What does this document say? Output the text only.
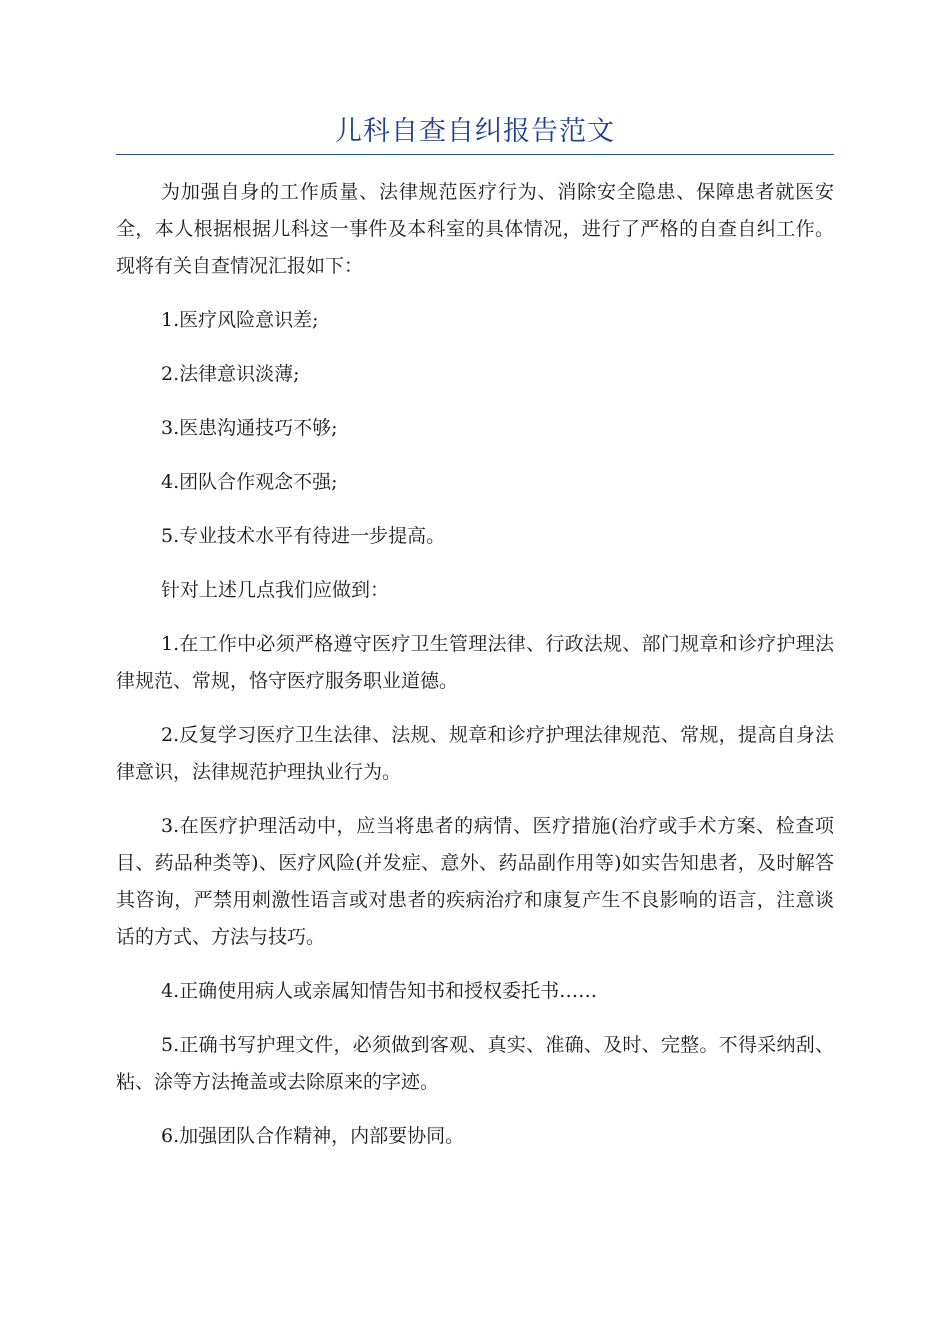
儿科自查自纠报告范文

为加强自身的工作质量、法律规范医疗行为、消除安全隐患、保障患者就医安全，本人根据根据儿科这一事件及本科室的具体情况，进行了严格的自查自纠工作。现将有关自查情况汇报如下：

1.医疗风险意识差;

2.法律意识淡薄;

3.医患沟通技巧不够;

4.团队合作观念不强;

5.专业技术水平有待进一步提高。

针对上述几点我们应做到：

1.在工作中必须严格遵守医疗卫生管理法律、行政法规、部门规章和诊疗护理法律规范、常规，恪守医疗服务职业道德。

2.反复学习医疗卫生法律、法规、规章和诊疗护理法律规范、常规，提高自身法律意识，法律规范护理执业行为。

3.在医疗护理活动中，应当将患者的病情、医疗措施(治疗或手术方案、检查项目、药品种类等)、医疗风险(并发症、意外、药品副作用等)如实告知患者，及时解答其咨询，严禁用刺激性语言或对患者的疾病治疗和康复产生不良影响的语言，注意谈话的方式、方法与技巧。

4.正确使用病人或亲属知情告知书和授权委托书……

5.正确书写护理文件，必须做到客观、真实、准确、及时、完整。不得采纳刮、粘、涂等方法掩盖或去除原来的字迹。

6.加强团队合作精神，内部要协同。
